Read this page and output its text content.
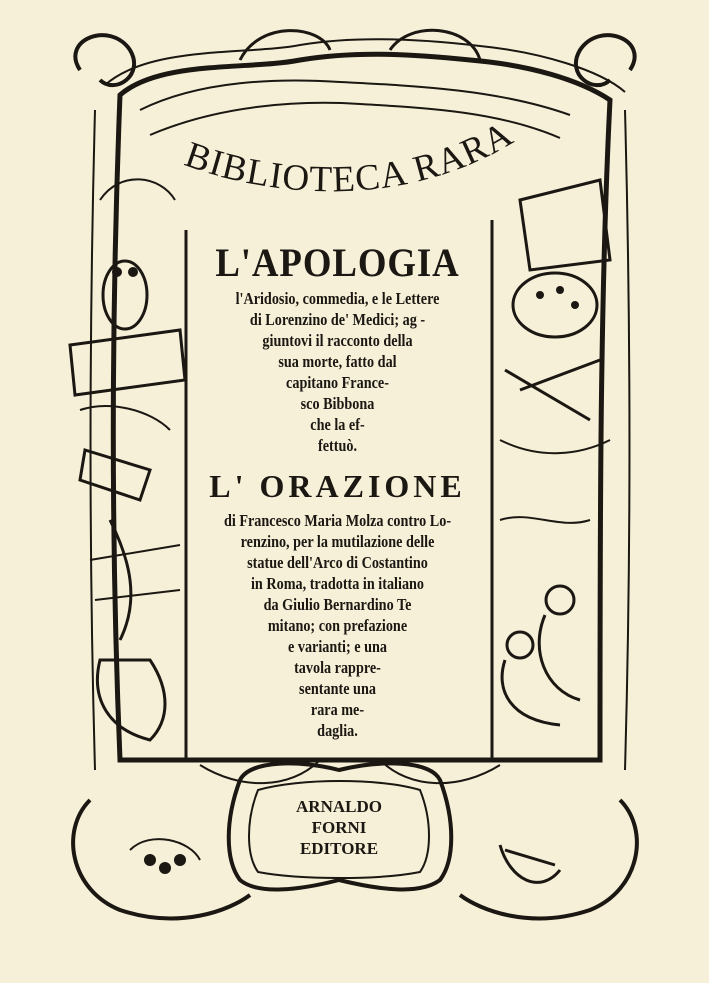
BIBLIOTECA RARA
L'APOLOGIA

l'Aridosio, commedia, e le Lettere
di Lorenzino de' Medici; ag -
giuntovi il racconto della
sua morte, fatto dal
capitano France-
sco Bibbona
che la ef-
fettuò.

L' ORAZIONE

di Francesco Maria Molza contro Lo-
renzino, per la mutilazione delle
statue dell'Arco di Costantino
in Roma, tradotta in italiano
da Giulio Bernardino Te
mitano; con prefazione
e varianti; e una
tavola rappre-
sentante una
rara me-
daglia.

ARNALDO
FORNI
EDITORE
